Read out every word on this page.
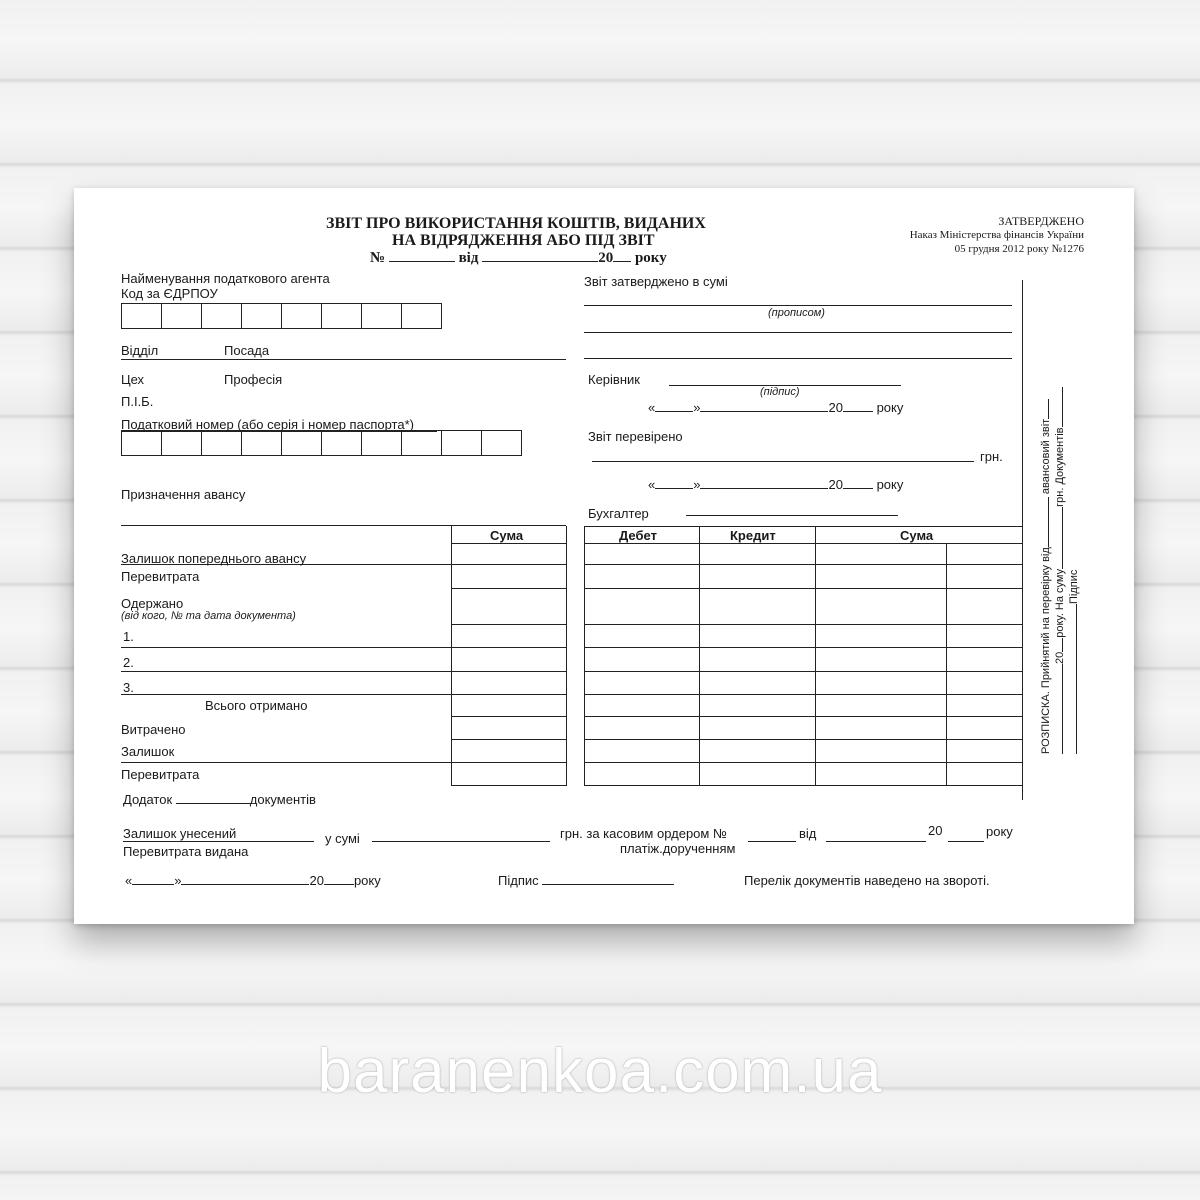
ЗВІТ ПРО ВИКОРИСТАННЯ КОШТІВ, ВИДАНИХ
НА ВІДРЯДЖЕННЯ АБО ПІД ЗВІТ
№	від	20 року
ЗАТВЕРДЖЕНО
Наказ Міністерства фінансів України
05 грудня 2012 року №1276
Найменування податкового агента
Код за ЄДРПОУ
Відділ	Посада
Цех	Професія
П.І.Б.
Податковий номер (або серія і номер паспорта*)
Призначення авансу
Звіт затверджено в сумі
(прописом)
Керівник
(підпис)
«	»	20	року
Звіт перевірено
грн.
«	»	20	року
Бухгалтер
Сума
Залишок попереднього авансу
Перевитрата
Одержано
(від кого, № та дата документа)
1.
2.
3.
Всього отримано
Витрачено
Залишок
Перевитрата
Дебет	Кредит	Сума
РОЗПИСКА. Прийнятий на перевірку від авансовий звіт
20року. На сумугрн. Документів
Підпис
Додаток	документів
Залишок унесений	у сумі	грн. за касовим ордером №	від	20	року
Перевитрата видана	платіж.дорученням
«	»	20 року	Підпис	Перелік документів наведено на звороті.
baranenkoa.com.ua
